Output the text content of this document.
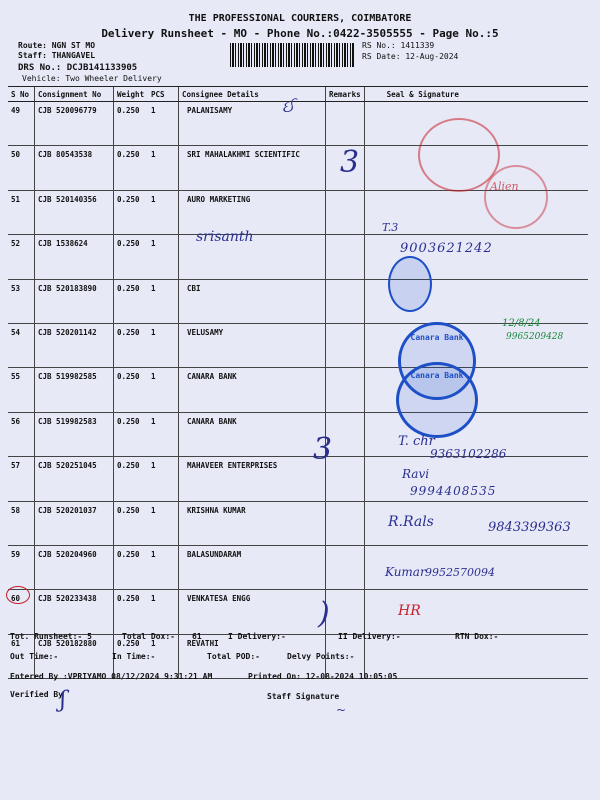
THE PROFESSIONAL COURIERS, COIMBATORE
Delivery Runsheet - MO - Phone No.:0422-3505555 - Page No.:5
Route: NGN ST MO
Staff: THANGAVEL
DRS No.: DCJB141133905
Vehicle: Two Wheeler Delivery
RS No.: 1411339
RS Date: 12-Aug-2024
S No	Consignment No	Weight	PCS	Consignee Details	Remarks	Seal & Signature
49	CJB 520096779	0.250	1	PALANISAMY		
50	CJB 80543538	0.250	1	SRI MAHALAKHMI SCIENTIFIC		
51	CJB 520140356	0.250	1	AURO MARKETING		
52	CJB 1538624	0.250	1			
53	CJB 520183890	0.250	1	CBI		
54	CJB 520201142	0.250	1	VELUSAMY		
55	CJB 519982585	0.250	1	CANARA BANK		
56	CJB 519982583	0.250	1	CANARA BANK		
57	CJB 520251045	0.250	1	MAHAVEER ENTERPRISES		
58	CJB 520201037	0.250	1	KRISHNA KUMAR		
59	CJB 520204960	0.250	1	BALASUNDARAM		
60	CJB 520233438	0.250	1	VENKATESA ENGG		
61	CJB 520182880	0.250	1	REVATHI		
Alien
Canara Bank
Canara Bank
ઈ
srisanth
T.3
9003621242
12/8/24
9965209428
T. chr
9363102286
Ravi
9994408535
R.Rals	9843399363
Kumar 9952570094
HR
3
3
)
Tot. Runsheet:- 5	Total Dox:- 61	I Delivery:-	II Delivery:-	RTN Dox:-
Out Time:-	In Time:-	Total POD:-	Delvy Points:-
Entered By :VPRIYAMO 08/12/2024 9:31:21 AM	Printed On: 12-08-2024 10:05:05
Verified By
ʃ	Staff Signature
~
